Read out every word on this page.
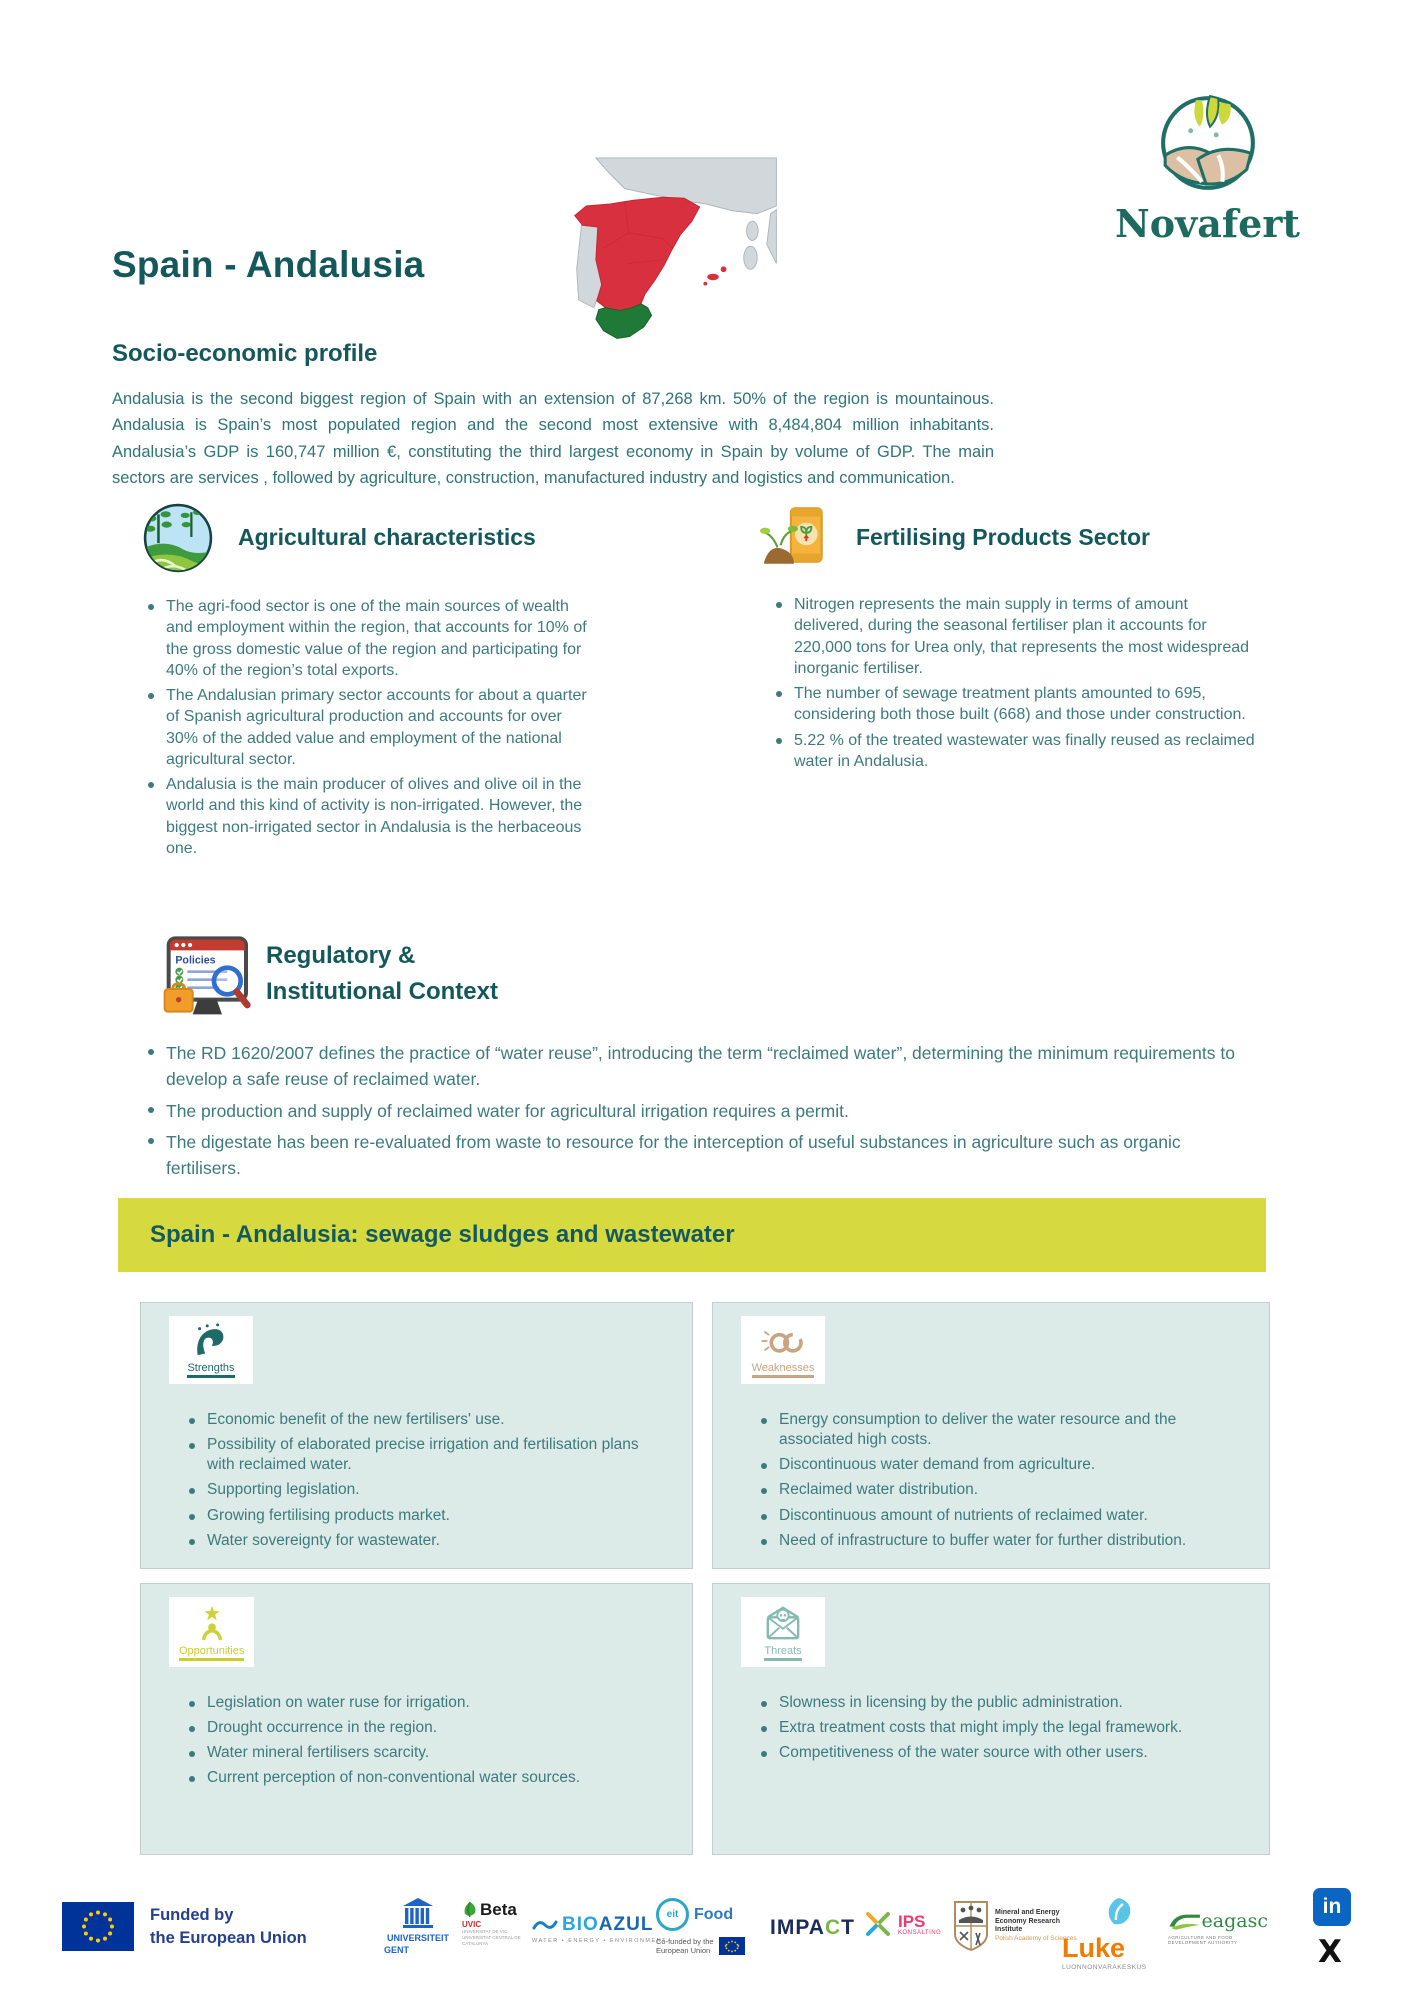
Novafert
Spain - Andalusia
Socio-economic profile
Andalusia is the second biggest region of Spain with an extension of 87,268 km. 50% of the region is mountainous. Andalusia is Spain’s most populated region and the second most extensive with 8,484,804 million inhabitants. Andalusia’s GDP is 160,747 million €, constituting the third largest economy in Spain by volume of GDP. The main sectors are services , followed by agriculture, construction, manufactured industry and logistics and communication.
Agricultural characteristics
The agri-food sector is one of the main sources of wealth and employment within the region, that accounts for 10% of the gross domestic value of the region and participating for 40% of the region’s total exports.
The Andalusian primary sector accounts for about a quarter of Spanish agricultural production and accounts for over 30% of the added value and employment of the national agricultural sector.
Andalusia is the main producer of olives and olive oil in the world and this kind of activity is non-irrigated. However, the biggest non-irrigated sector in Andalusia is the herbaceous one.
Fertilising Products Sector
Nitrogen represents the main supply in terms of amount delivered, during the seasonal fertiliser plan it accounts for 220,000 tons for Urea only, that represents the most widespread inorganic fertiliser.
The number of sewage treatment plants amounted to 695, considering both those built (668) and those under construction.
5.22 % of the treated wastewater was finally reused as reclaimed water in Andalusia.
Policies Regulatory &
Institutional Context
The RD 1620/2007 defines the practice of “water reuse”, introducing the term “reclaimed water”, determining the minimum requirements to develop a safe reuse of reclaimed water.
The production and supply of reclaimed water for agricultural irrigation requires a permit.
The digestate has been re-evaluated from waste to resource for the interception of useful substances in agriculture such as organic fertilisers.
Spain - Andalusia: sewage sludges and wastewater
Strengths
Economic benefit of the new fertilisers' use.
Possibility of elaborated precise irrigation and fertilisation plans with reclaimed water.
Supporting legislation.
Growing fertilising products market.
Water sovereignty for wastewater.
Weaknesses
Energy consumption to deliver the water resource and the associated high costs.
Discontinuous water demand from agriculture.
Reclaimed water distribution.
Discontinuous amount of nutrients of reclaimed water.
Need of infrastructure to buffer water for further distribution.
Opportunities
Legislation on water ruse for irrigation.
Drought occurrence in the region.
Water mineral fertilisers scarcity.
Current perception of non-conventional water sources.
Threats
Slowness in licensing by the public administration.
Extra treatment costs that might imply the legal framework.
Competitiveness of the water source with other users.
Funded by
the European Union	UNIVERSITEIT
GENT
Beta
UVIC
UNIVERSITAT DE VIC
UNIVERSITAT CENTRAL DE CATALUNYA
BIOAZUL
WATER • ENERGY • ENVIRONMENT
eit Food
Co-funded by the
European Union
IMPACT	IPS
KONSALTING
Mineral and Energy
Economy Research
Institute
Polish Academy of Sciences
Luke
LUONNONVARAKESKUS
eagasc
AGRICULTURE AND FOOD DEVELOPMENT AUTHORITY
in
X
